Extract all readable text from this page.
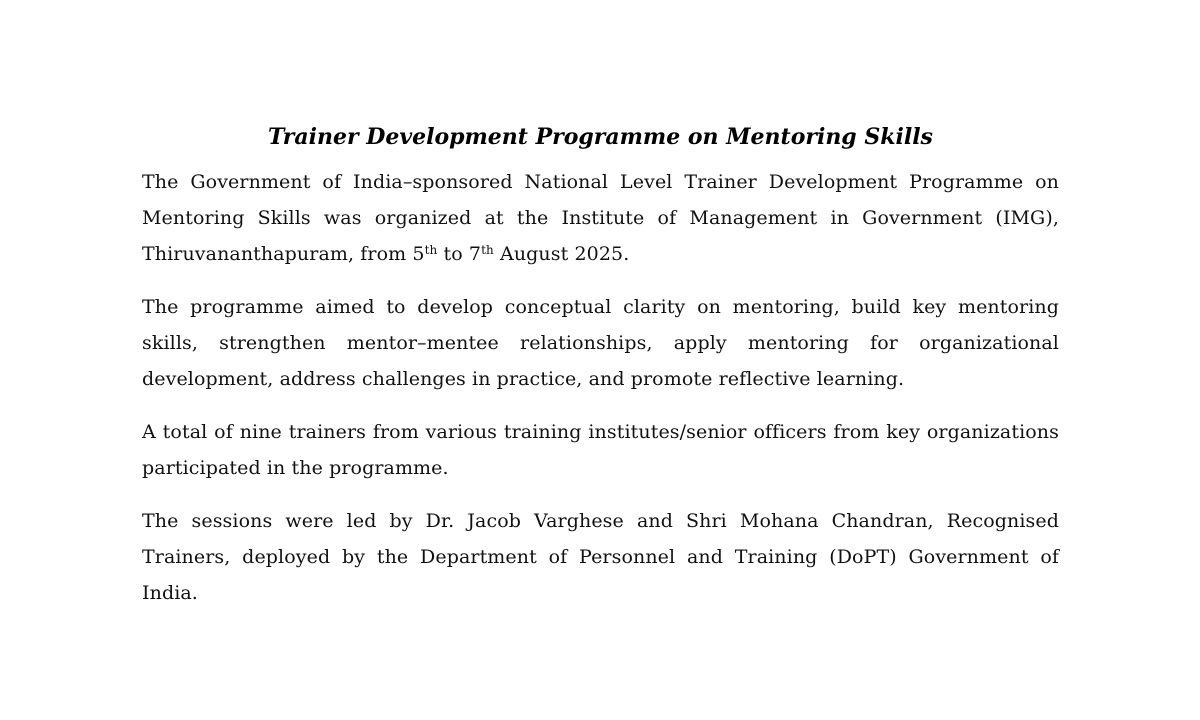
Trainer Development Programme on Mentoring Skills

The Government of India–sponsored National Level Trainer Development Programme on Mentoring Skills was organized at the Institute of Management in Government (IMG), Thiruvananthapuram, from 5th to 7th August 2025.

The programme aimed to develop conceptual clarity on mentoring, build key mentoring skills, strengthen mentor–mentee relationships, apply mentoring for organizational development, address challenges in practice, and promote reflective learning.

A total of nine trainers from various training institutes/senior officers from key organizations participated in the programme.

The sessions were led by Dr. Jacob Varghese and Shri Mohana Chandran, Recognised Trainers, deployed by the Department of Personnel and Training (DoPT) Government of India.
